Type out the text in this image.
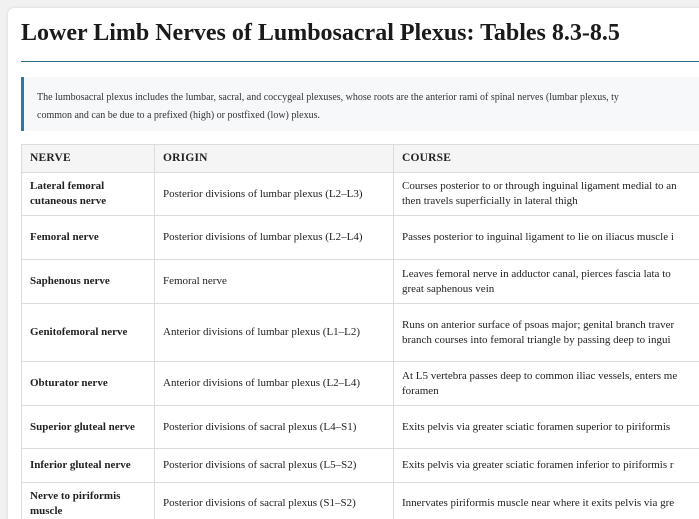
Lower Limb Nerves of Lumbosacral Plexus: Tables 8.3-8.5

The lumbosacral plexus includes the lumbar, sacral, and coccygeal plexuses, whose roots are the anterior rami of spinal nerves (lumbar plexus, ty

common and can be due to a prefixed (high) or postfixed (low) plexus.

NERVE	ORIGIN	COURSE
Lateral femoral cutaneous nerve	Posterior divisions of lumbar plexus (L2–L3)	Courses posterior to or through inguinal ligament medial to an
then travels superficially in lateral thigh

Femoral nerve	Posterior divisions of lumbar plexus (L2–L4)	Passes posterior to inguinal ligament to lie on iliacus muscle i

Saphenous nerve	Femoral nerve	Leaves femoral nerve in adductor canal, pierces fascia lata to
great saphenous vein

Genitofemoral nerve	Anterior divisions of lumbar plexus (L1–L2)	Runs on anterior surface of psoas major; genital branch traver
branch courses into femoral triangle by passing deep to ingui

Obturator nerve	Anterior divisions of lumbar plexus (L2–L4)	At L5 vertebra passes deep to common iliac vessels, enters me
foramen

Superior gluteal nerve	Posterior divisions of sacral plexus (L4–S1)	Exits pelvis via greater sciatic foramen superior to piriformis

Inferior gluteal nerve	Posterior divisions of sacral plexus (L5–S2)	Exits pelvis via greater sciatic foramen inferior to piriformis r

Nerve to piriformis muscle	Posterior divisions of sacral plexus (S1–S2)	Innervates piriformis muscle near where it exits pelvis via gre
